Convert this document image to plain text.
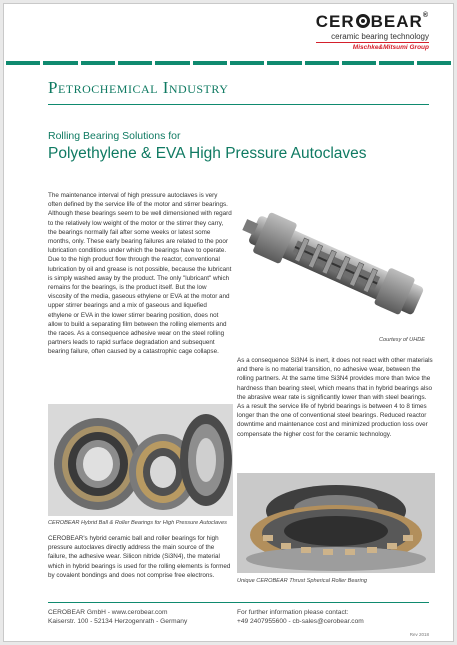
CER BEAR®
ceramic bearing technology
Mischke&Mitsumi Group
Petrochemical Industry
Rolling Bearing Solutions for
Polyethylene & EVA High Pressure Autoclaves

The maintenance interval of high pressure autoclaves is very often defined by the service life of the motor and stirrer bearings. Although these bearings seem to be well dimensioned with regard to the relatively low weight of the motor or the stirrer they carry, the bearings normally fail after some weeks or latest some months, only. These early bearing failures are related to the poor lubrication conditions under which the bearings have to operate. Due to the high product flow through the reactor, conventional lubrication by oil and grease is not possible, because the lubricant is simply washed away by the product. The only "lubricant" which remains for the bearings, is the product itself. But the low viscosity of the media, gaseous ethylene or EVA at the motor and upper stirrer bearings and a mix of gaseous and liquefied ethylene or EVA in the lower stirrer bearing position, does not allow to build a separating film between the rolling elements and the races. As a consequence adhesive wear on the steel rolling partners leads to rapid surface degradation and subsequent bearing failure, often caused by a catastrophic cage collapse.

Courtesy of UHDE

As a consequence Si3N4 is inert, it does not react with other materials and there is no material transition, no adhesive wear, between the rolling partners. At the same time Si3N4 provides more than twice the hardness than bearing steel, which means that in hybrid bearings also the abrasive wear rate is significantly lower than with steel bearings. As a result the service life of hybrid bearings is between 4 to 8 times longer than the one of conventional steel bearings. Reduced reactor downtime and maintenance cost and minimized production loss over compensate the higher cost for the ceramic technology.

CEROBEAR Hybrid Ball & Roller Bearings for High Pressure Autoclaves

CEROBEAR's hybrid ceramic ball and roller bearings for high pressure autoclaves directly address the main source of the failure, the adhesive wear. Silicon nitride (Si3N4), the material which in hybrid bearings is used for the rolling elements is formed by covalent bondings and does not comprise free electrons.

Unique CEROBEAR Thrust Spherical Roller Bearing
CEROBEAR GmbH - www.cerobear.com
Kaiserstr. 100 - 52134 Herzogenrath - Germany
For further information please contact:
+49 2407955600 - cb-sales@cerobear.com
Rev 2018
